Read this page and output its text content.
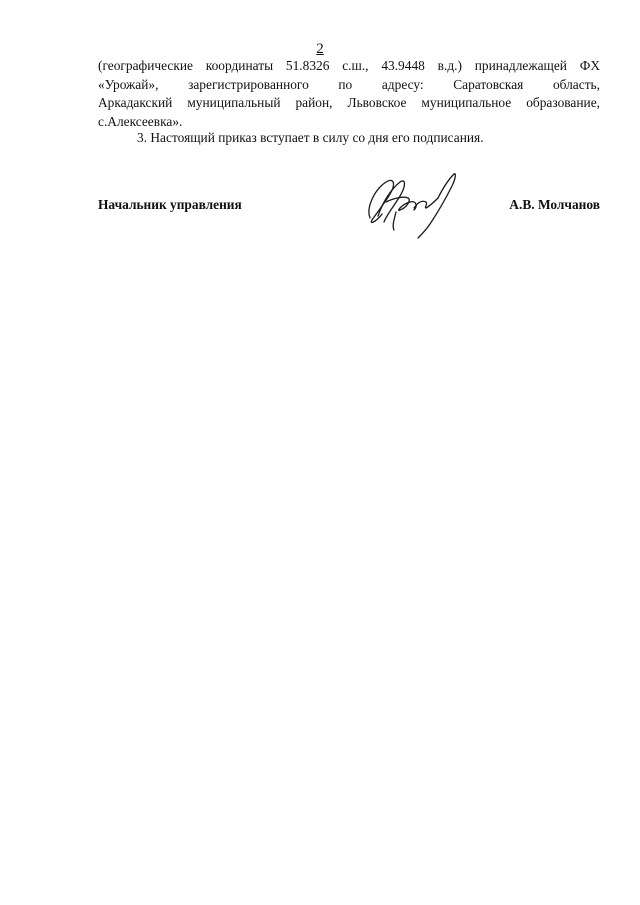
2
(географические координаты 51.8326 с.ш., 43.9448 в.д.) принадлежащей ФХ
«Урожай», зарегистрированного по адресу: Саратовская область,
Аркадакский муниципальный район, Львовское муниципальное образование,
с.Алексеевка».
3. Настоящий приказ вступает в силу со дня его подписания.
Начальник управления	А.В. Молчанов
